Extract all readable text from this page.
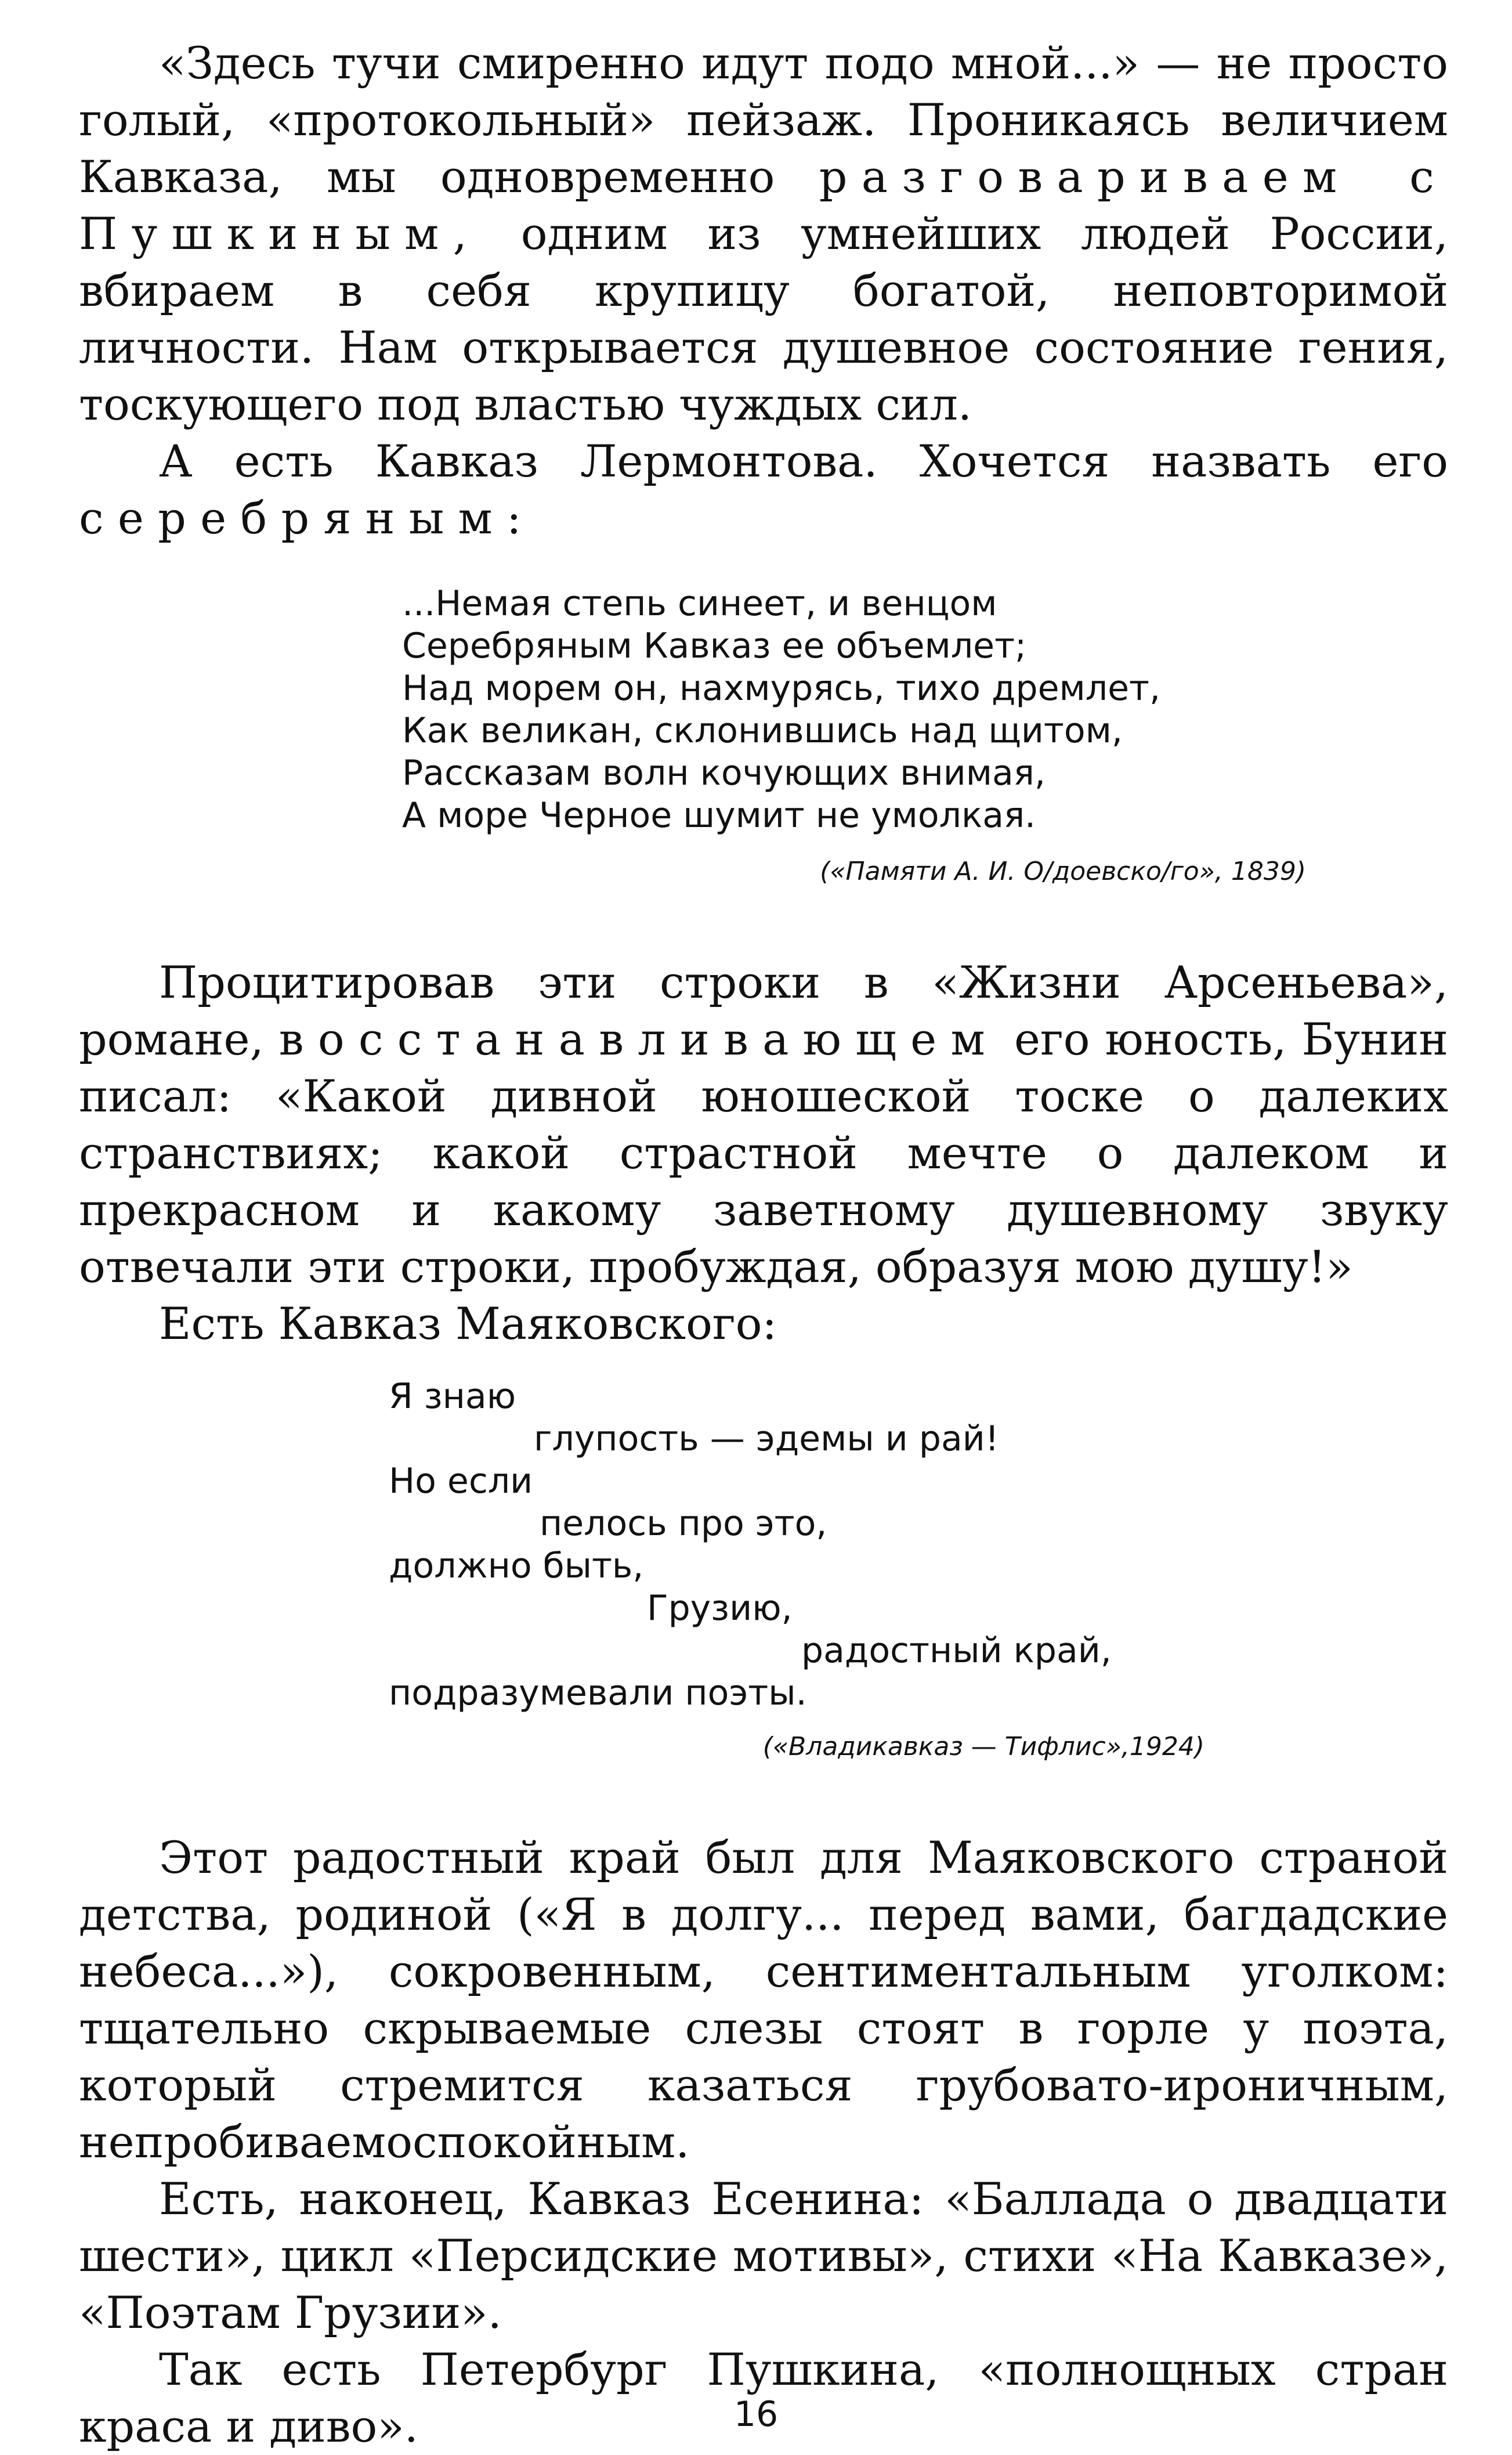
«Здесь тучи смиренно идут подо мной...» — не просто голый, «протокольный» пейзаж. Проникаясь величием Кавказа, мы одновременно разговариваем с Пушкиным, одним из умнейших людей России, вбираем в себя крупицу богатой, неповторимой личности. Нам открывается душевное состояние гения, тоскующего под властью чуждых сил.

А есть Кавказ Лермонтова. Хочется назвать его серебряным:

...Немая степь синеет, и венцом
Серебряным Кавказ ее объемлет;
Над морем он, нахмурясь, тихо дремлет,
Как великан, склонившись над щитом,
Рассказам волн кочующих внимая,
А море Черное шумит не умолкая.

(«Памяти А. И. О/доевско/го», 1839)

Процитировав эти строки в «Жизни Арсеньева», романе, восстанавливающем его юность, Бунин писал: «Какой дивной юношеской тоске о далеких странствиях; какой страстной мечте о далеком и прекрасном и какому заветному душевному звуку отвечали эти строки, пробуждая, образуя мою душу!»

Есть Кавказ Маяковского:

Я знаю
глупость — эдемы и рай!
Но если
пелось про это,
должно быть,
Грузию,
радостный край,
подразумевали поэты.

(«Владикавказ — Тифлис»,1924)

Этот радостный край был для Маяковского страной детства, родиной («Я в долгу... перед вами, багдадские небеса...»), сокровенным, сентиментальным уголком: тщательно скрываемые слезы стоят в горле у поэта, который стремится казаться грубовато-ироничным, непробиваемоспокойным.

Есть, наконец, Кавказ Есенина: «Баллада о двадцати шести», цикл «Персидские мотивы», стихи «На Кавказе», «Поэтам Грузии».

Так есть Петербург Пушкина, «полнощных стран краса и диво».	16
